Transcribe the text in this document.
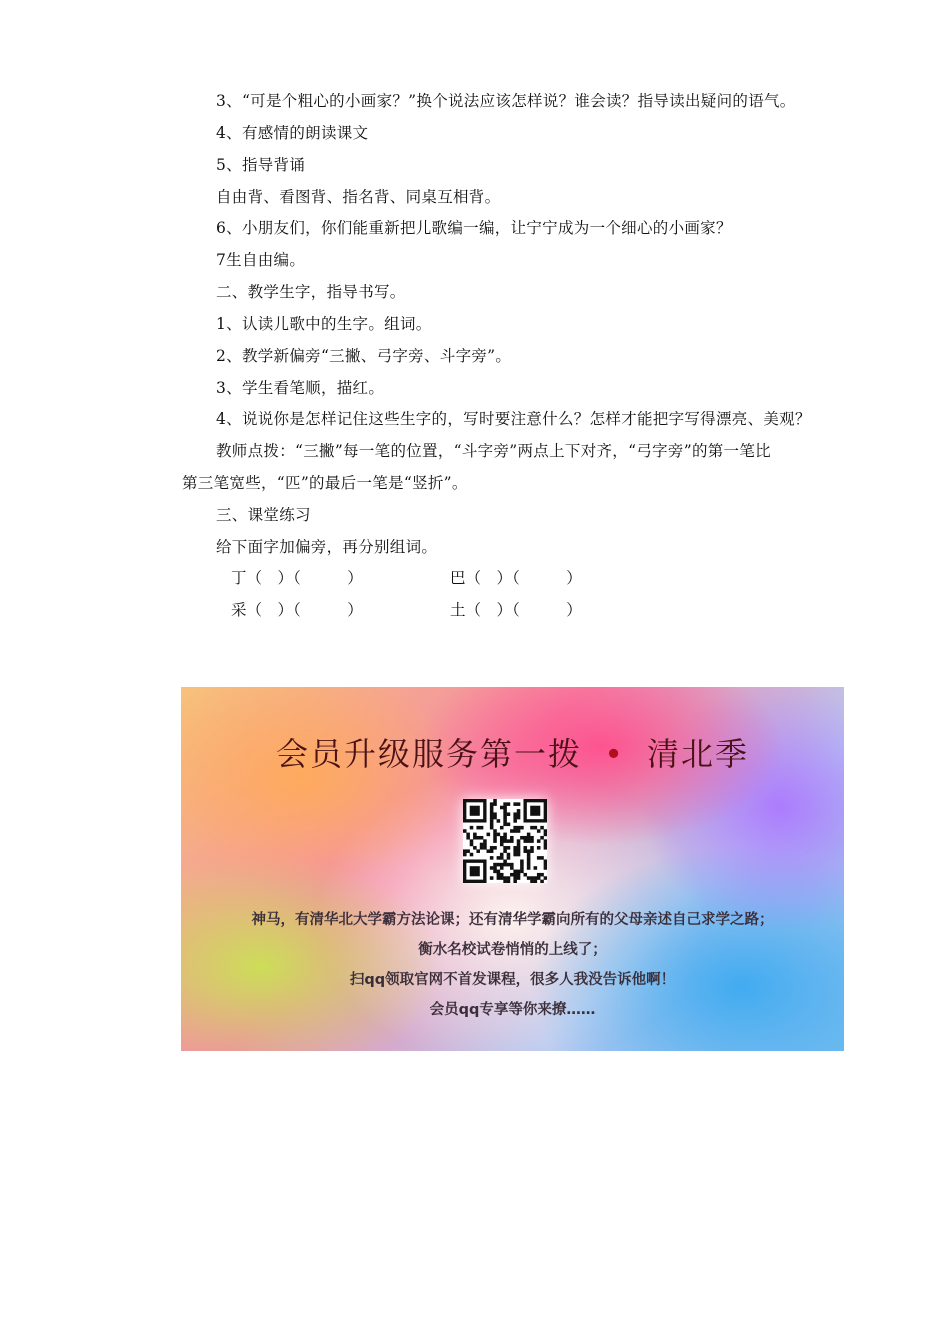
3、“可是个粗心的小画家？”换个说法应该怎样说？谁会读？指导读出疑问的语气。
4、有感情的朗读课文
5、指导背诵
自由背、看图背、指名背、同桌互相背。
6、小朋友们，你们能重新把儿歌编一编，让宁宁成为一个细心的小画家？
7生自由编。
二、教学生字，指导书写。
1、认读儿歌中的生字。组词。
2、教学新偏旁“三撇、弓字旁、斗字旁”。
3、学生看笔顺，描红。
4、说说你是怎样记住这些生字的，写时要注意什么？怎样才能把字写得漂亮、美观？
教师点拨：“三撇”每一笔的位置，“斗字旁”两点上下对齐，“弓字旁”的第一笔比
第三笔宽些，“匹”的最后一笔是“竖折”。
三、课堂练习
给下面字加偏旁，再分别组词。
丁（　）（　　　）	巴（　）（　　　）
采（　）（　　　）	土（　）（　　　）
会员升级服务第一拨 • 清北季
神马，有清华北大学霸方法论课；还有清华学霸向所有的父母亲述自己求学之路；
衡水名校试卷悄悄的上线了；
扫qq领取官网不首发课程，很多人我没告诉他啊！
会员qq专享等你来撩……
